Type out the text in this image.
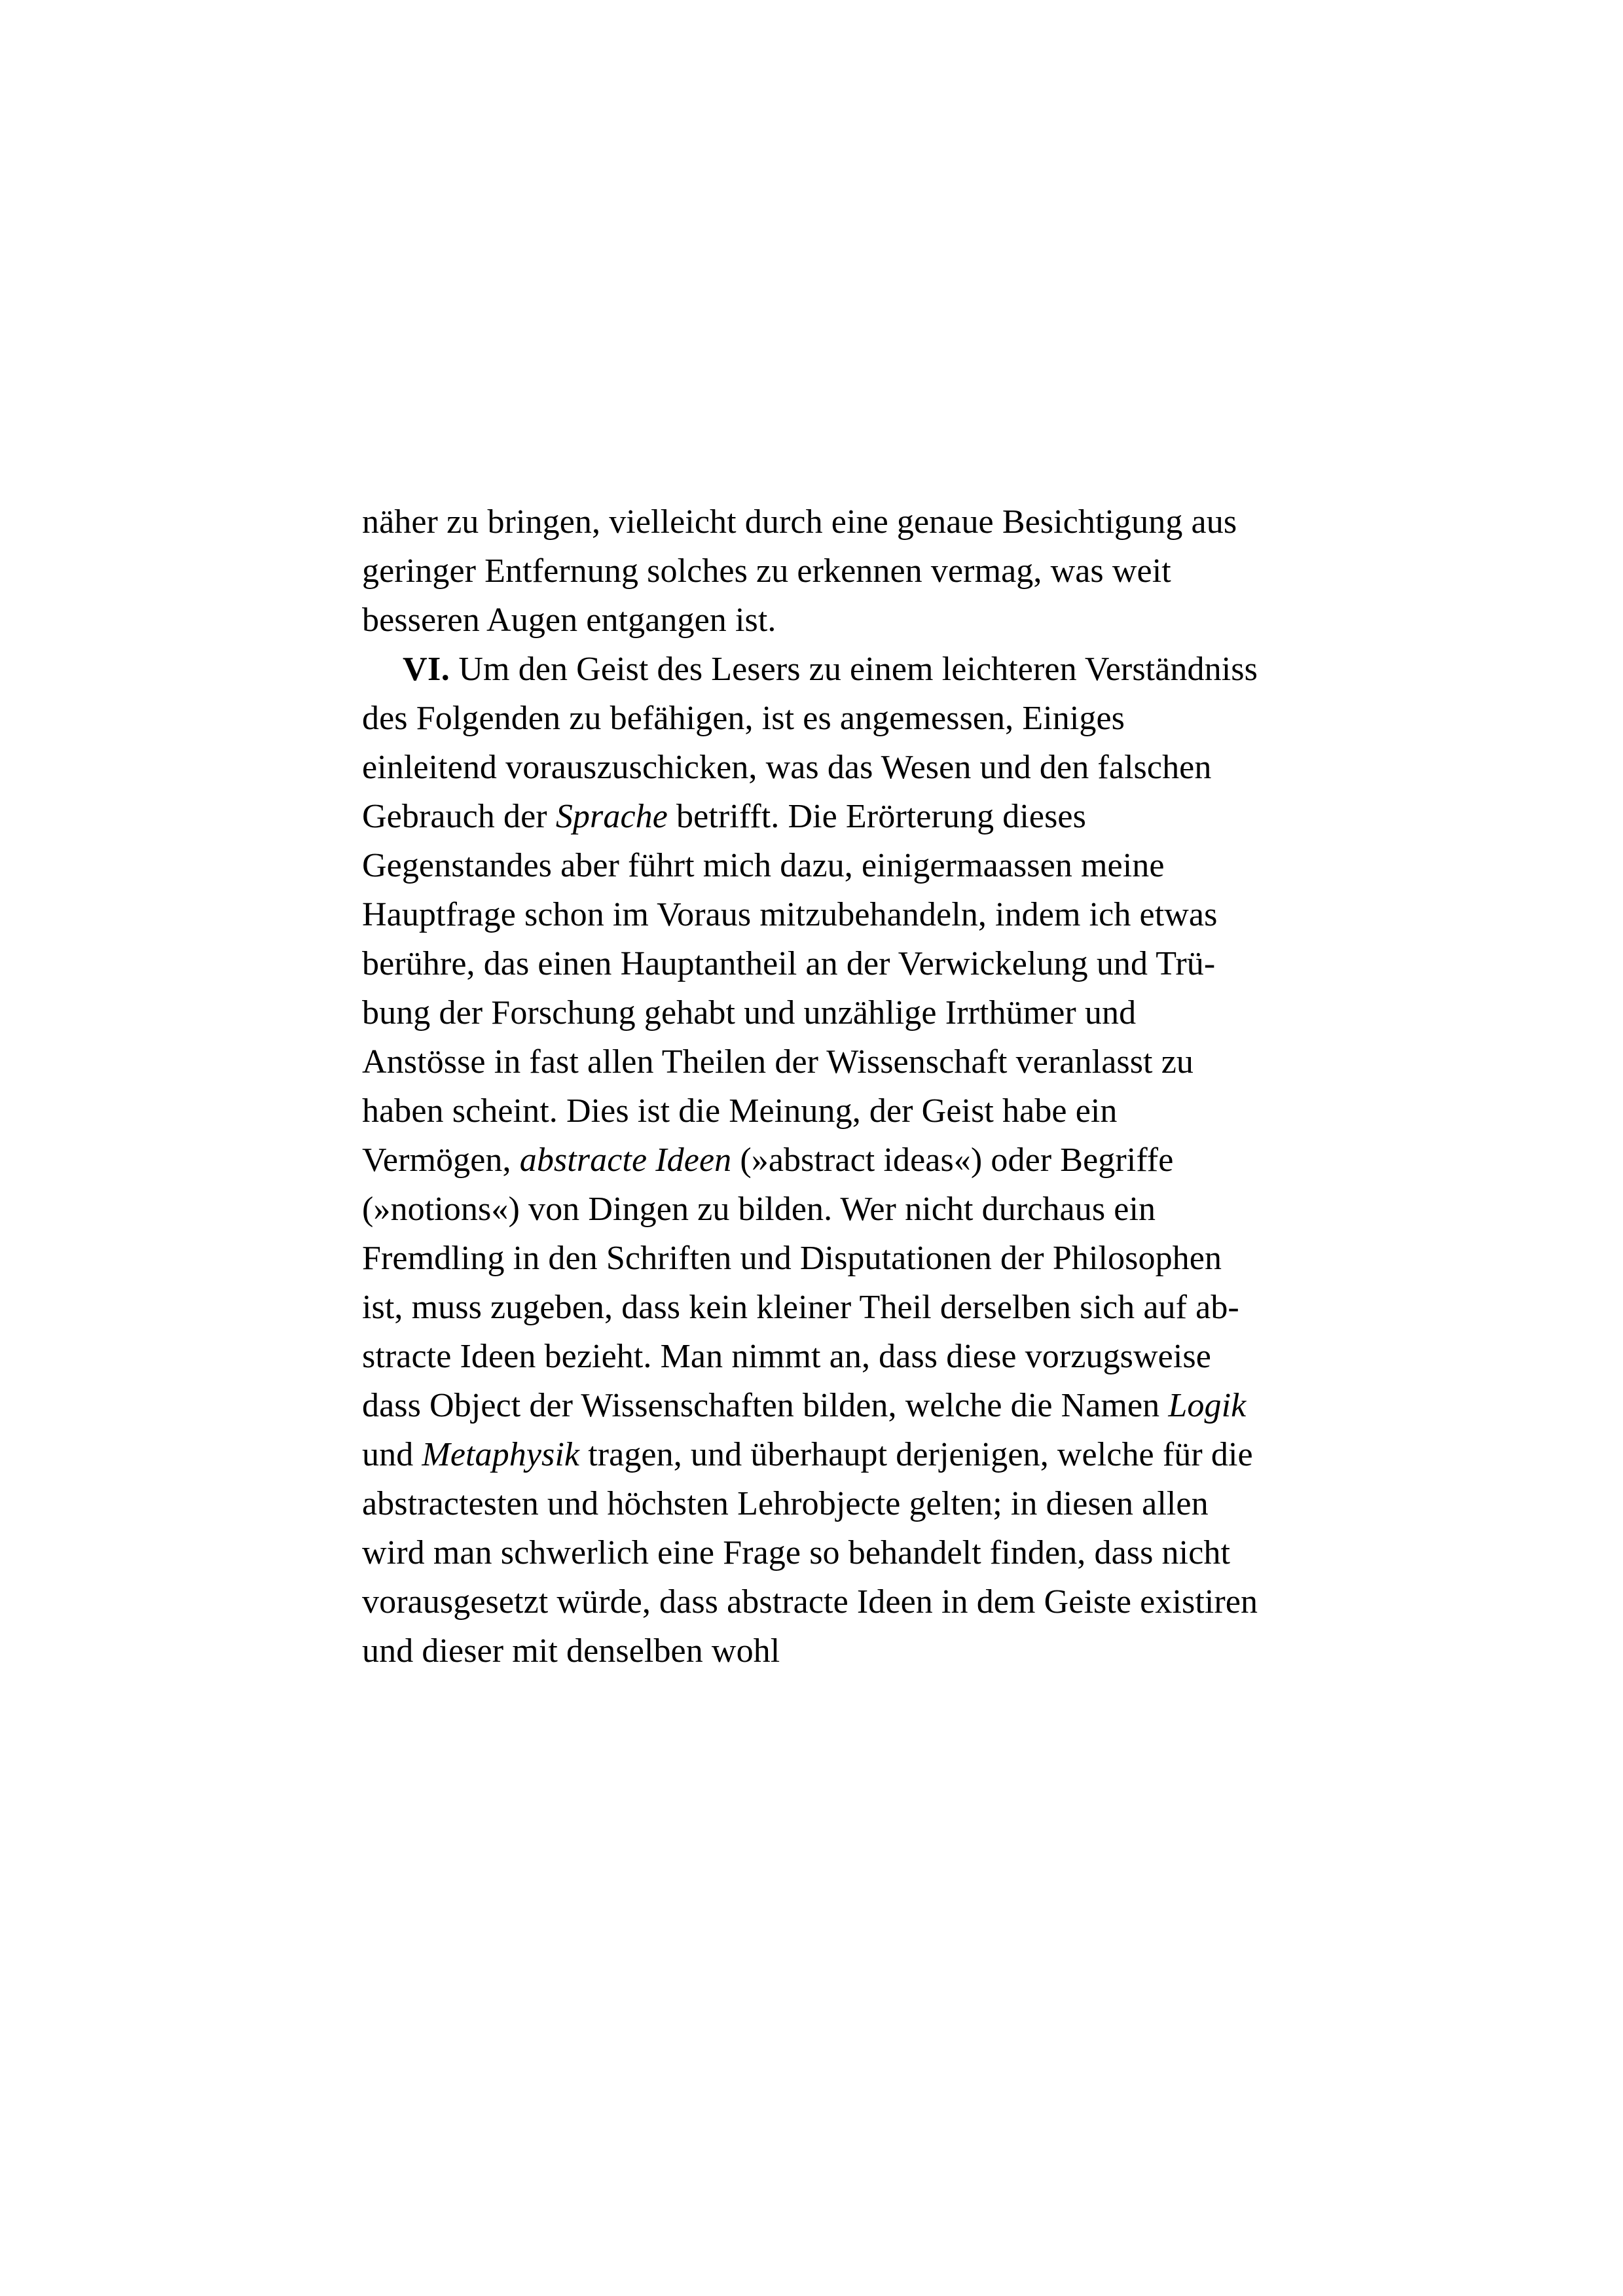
näher zu bringen, vielleicht durch eine genaue Besichtigung aus geringer Entfernung solches zu erkennen vermag, was weit besseren Augen entgangen ist.

VI. Um den Geist des Lesers zu einem leichteren Verständniss des Folgenden zu befähigen, ist es angemessen, Einiges einleitend vorauszuschicken, was das Wesen und den falschen Gebrauch der Sprache betrifft. Die Erörterung dieses Gegenstandes aber führt mich dazu, einigermaassen meine Hauptfrage schon im Voraus mitzubehandeln, indem ich etwas berühre, das einen Hauptantheil an der Verwickelung und Trübung der Forschung gehabt und unzählige Irrthümer und Anstösse in fast allen Theilen der Wissenschaft veranlasst zu haben scheint. Dies ist die Meinung, der Geist habe ein Vermögen, abstracte Ideen (»abstract ideas«) oder Begriffe (»notions«) von Dingen zu bilden. Wer nicht durchaus ein Fremdling in den Schriften und Disputationen der Philosophen ist, muss zugeben, dass kein kleiner Theil derselben sich auf abstracte Ideen bezieht. Man nimmt an, dass diese vorzugsweise dass Object der Wissenschaften bilden, welche die Namen Logik und Metaphysik tragen, und überhaupt derjenigen, welche für die abstractesten und höchsten Lehrobjecte gelten; in diesen allen wird man schwerlich eine Frage so behandelt finden, dass nicht vorausgesetzt würde, dass abstracte Ideen in dem Geiste existiren und dieser mit denselben wohl
